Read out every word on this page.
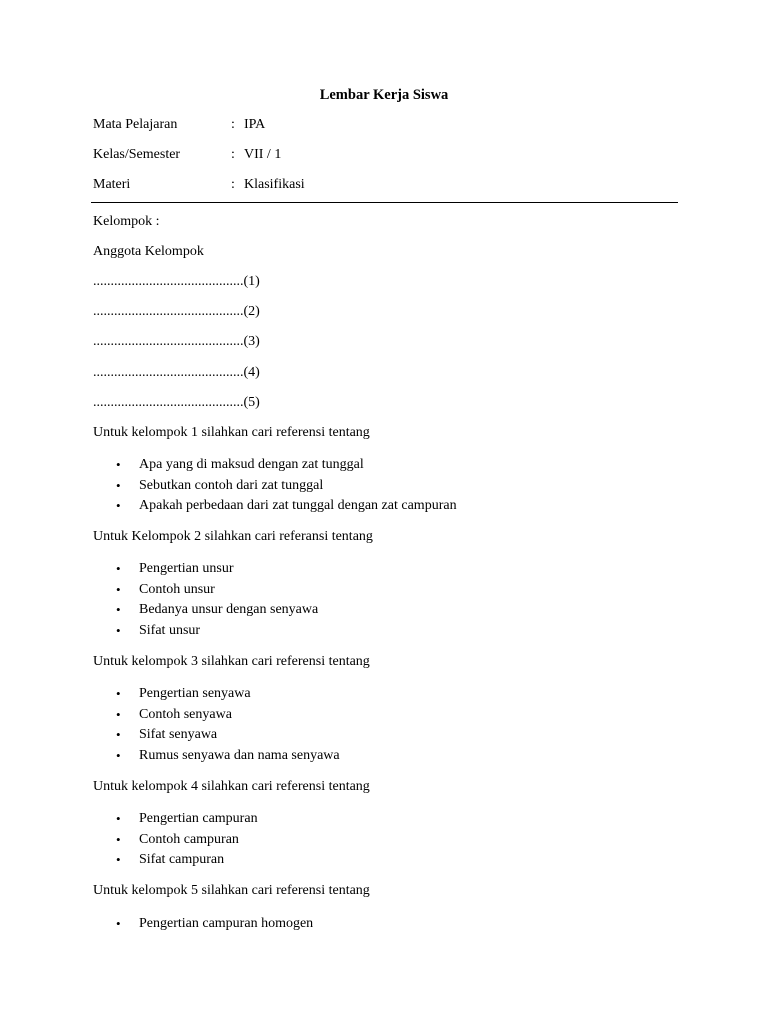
Lembar Kerja Siswa
Mata Pelajaran	: IPA
Kelas/Semester	: VII / 1
Materi	: Klasifikasi
Kelompok :
Anggota Kelompok
...........................................(1)
...........................................(2)
...........................................(3)
...........................................(4)
...........................................(5)
Untuk kelompok 1 silahkan cari referensi tentang
• Apa yang di maksud dengan zat tunggal
• Sebutkan contoh dari zat tunggal
• Apakah perbedaan dari zat tunggal dengan zat campuran
Untuk Kelompok 2 silahkan cari referansi tentang
• Pengertian unsur
• Contoh unsur
• Bedanya unsur dengan senyawa
• Sifat unsur
Untuk kelompok 3 silahkan cari referensi tentang
• Pengertian senyawa
• Contoh senyawa
• Sifat senyawa
• Rumus senyawa dan nama senyawa
Untuk kelompok 4 silahkan cari referensi tentang
• Pengertian campuran
• Contoh campuran
• Sifat campuran
Untuk kelompok 5 silahkan cari referensi tentang
• Pengertian campuran homogen
